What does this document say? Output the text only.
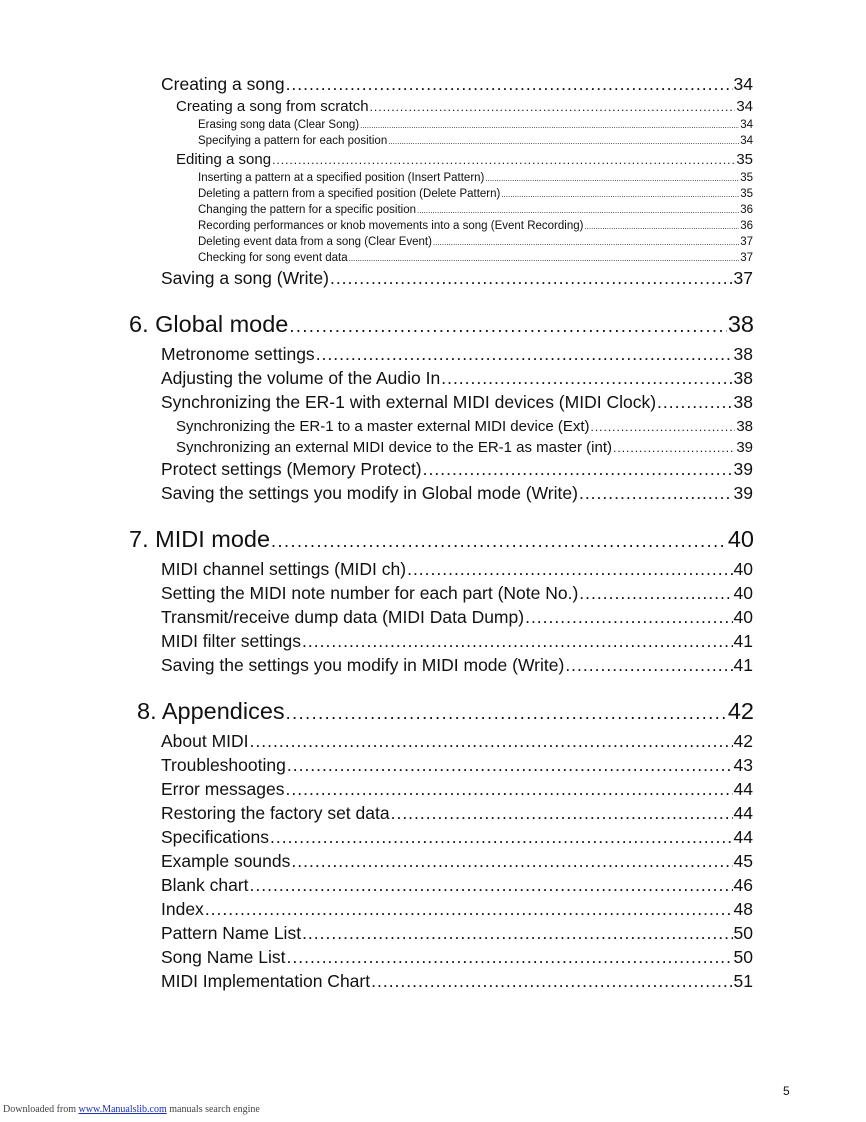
Creating a song .....	34
Creating a song from scratch .....	34
Erasing song data (Clear Song) .....	34
Specifying a pattern for each position .....	34
Editing a song .....	35
Inserting a pattern at a specified position (Insert Pattern) .....	35
Deleting a pattern from a specified position (Delete Pattern) .....	35
Changing the pattern for a specific position .....	36
Recording performances or knob movements into a song (Event Recording) .....	36
Deleting event data from a song (Clear Event) .....	37
Checking for song event data .....	37
Saving a song (Write) .....	37
6. Global mode .....	38
Metronome settings .....	38
Adjusting the volume of the Audio In .....	38
Synchronizing the ER-1 with external MIDI devices (MIDI Clock) .....	38
Synchronizing the ER-1 to a master external MIDI device (Ext) .....	38
Synchronizing an external MIDI device to the ER-1 as master (int) .....	39
Protect settings (Memory Protect) .....	39
Saving the settings you modify in Global mode (Write) .....	39
7. MIDI mode .....	40
MIDI channel settings (MIDI ch) .....	40
Setting the MIDI note number for each part (Note No.) .....	40
Transmit/receive dump data (MIDI Data Dump) .....	40
MIDI filter settings .....	41
Saving the settings you modify in MIDI mode (Write) .....	41
8. Appendices .....	42
About MIDI .....	42
Troubleshooting .....	43
Error messages .....	44
Restoring the factory set data .....	44
Specifications .....	44
Example sounds .....	45
Blank chart .....	46
Index .....	48
Pattern Name List .....	50
Song Name List .....	50
MIDI Implementation Chart .....	51
5
Downloaded from www.Manualslib.com manuals search engine
